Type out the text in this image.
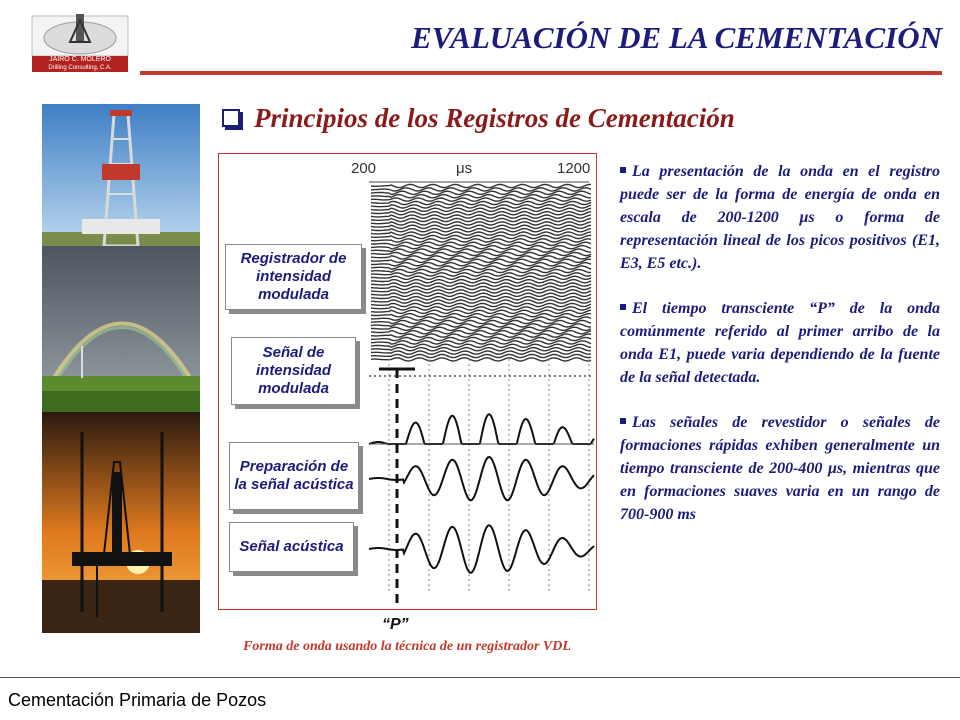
JAIRO C. MOLERO
Drilling Consulting, C.A.
EVALUACIÓN DE LA CEMENTACIÓN
Principios de los Registros de Cementación
200	μs	1200
Registrador de intensidad modulada
Señal de intensidad modulada
Preparación de la señal acústica
Señal acústica
“P”
Forma de onda usando la técnica de un registrador VDL

La presentación de la onda en el registro puede ser de la forma de energía de onda en escala de 200-1200 μs o forma de representación lineal de los picos positivos (E1, E3, E5 etc.).

El tiempo transciente “P” de la onda comúnmente referido al primer arribo de la onda E1, puede varia dependiendo de la fuente de la señal detectada.

Las señales de revestidor o señales de formaciones rápidas exhiben generalmente un tiempo transciente de 200-400 μs, mientras que en formaciones suaves varia en un rango de 700-900 ms

Cementación Primaria de Pozos
